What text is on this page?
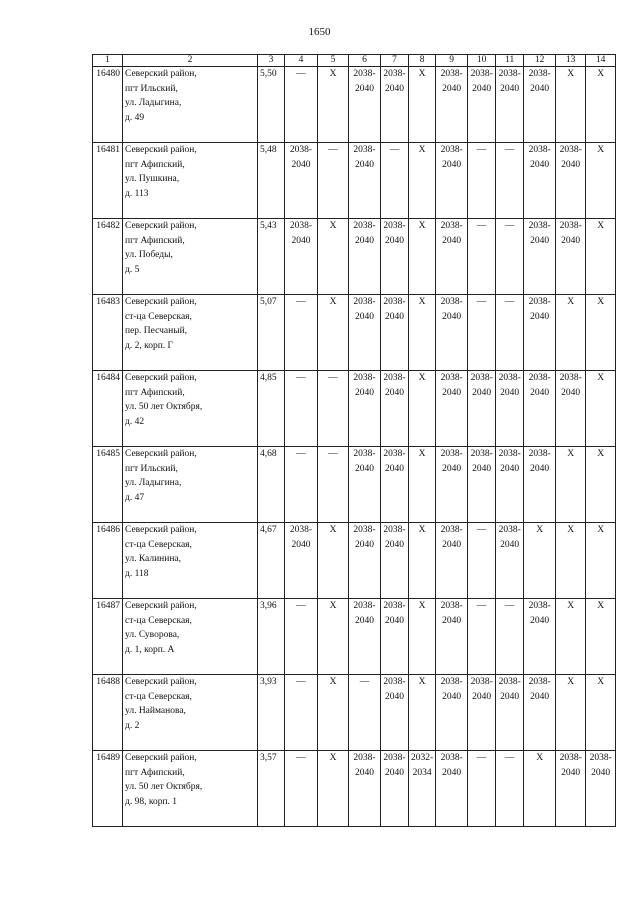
1650
1	2	3	4	5	6	7	8	9	10	11	12	13	14
16480	Северский район,
пгт Ильский,
ул. Ладыгина,
д. 49	5,50	—	Х	2038-
2040	2038-
2040	Х	2038-
2040	2038-
2040	2038-
2040	2038-
2040	Х	Х
16481	Северский район,
пгт Афипский,
ул. Пушкина,
д. 113	5,48	2038-
2040	—	2038-
2040	—	Х	2038-
2040	—	—	2038-
2040	2038-
2040	Х
16482	Северский район,
пгт Афипский,
ул. Победы,
д. 5	5,43	2038-
2040	Х	2038-
2040	2038-
2040	Х	2038-
2040	—	—	2038-
2040	2038-
2040	Х
16483	Северский район,
ст-ца Северская,
пер. Песчаный,
д. 2, корп. Г	5,07	—	Х	2038-
2040	2038-
2040	Х	2038-
2040	—	—	2038-
2040	Х	Х
16484	Северский район,
пгт Афипский,
ул. 50 лет Октября,
д. 42	4,85	—	—	2038-
2040	2038-
2040	Х	2038-
2040	2038-
2040	2038-
2040	2038-
2040	2038-
2040	Х
16485	Северский район,
пгт Ильский,
ул. Ладыгина,
д. 47	4,68	—	—	2038-
2040	2038-
2040	Х	2038-
2040	2038-
2040	2038-
2040	2038-
2040	Х	Х
16486	Северский район,
ст-ца Северская,
ул. Калинина,
д. 118	4,67	2038-
2040	Х	2038-
2040	2038-
2040	Х	2038-
2040	—	2038-
2040	Х	Х	Х
16487	Северский район,
ст-ца Северская,
ул. Суворова,
д. 1, корп. А	3,96	—	Х	2038-
2040	2038-
2040	Х	2038-
2040	—	—	2038-
2040	Х	Х
16488	Северский район,
ст-ца Северская,
ул. Найманова,
д. 2	3,93	—	Х	—	2038-
2040	Х	2038-
2040	2038-
2040	2038-
2040	2038-
2040	Х	Х
16489	Северский район,
пгт Афипский,
ул. 50 лет Октября,
д. 98, корп. 1	3,57	—	Х	2038-
2040	2038-
2040	2032-
2034	2038-
2040	—	—	Х	2038-
2040	2038-
2040
